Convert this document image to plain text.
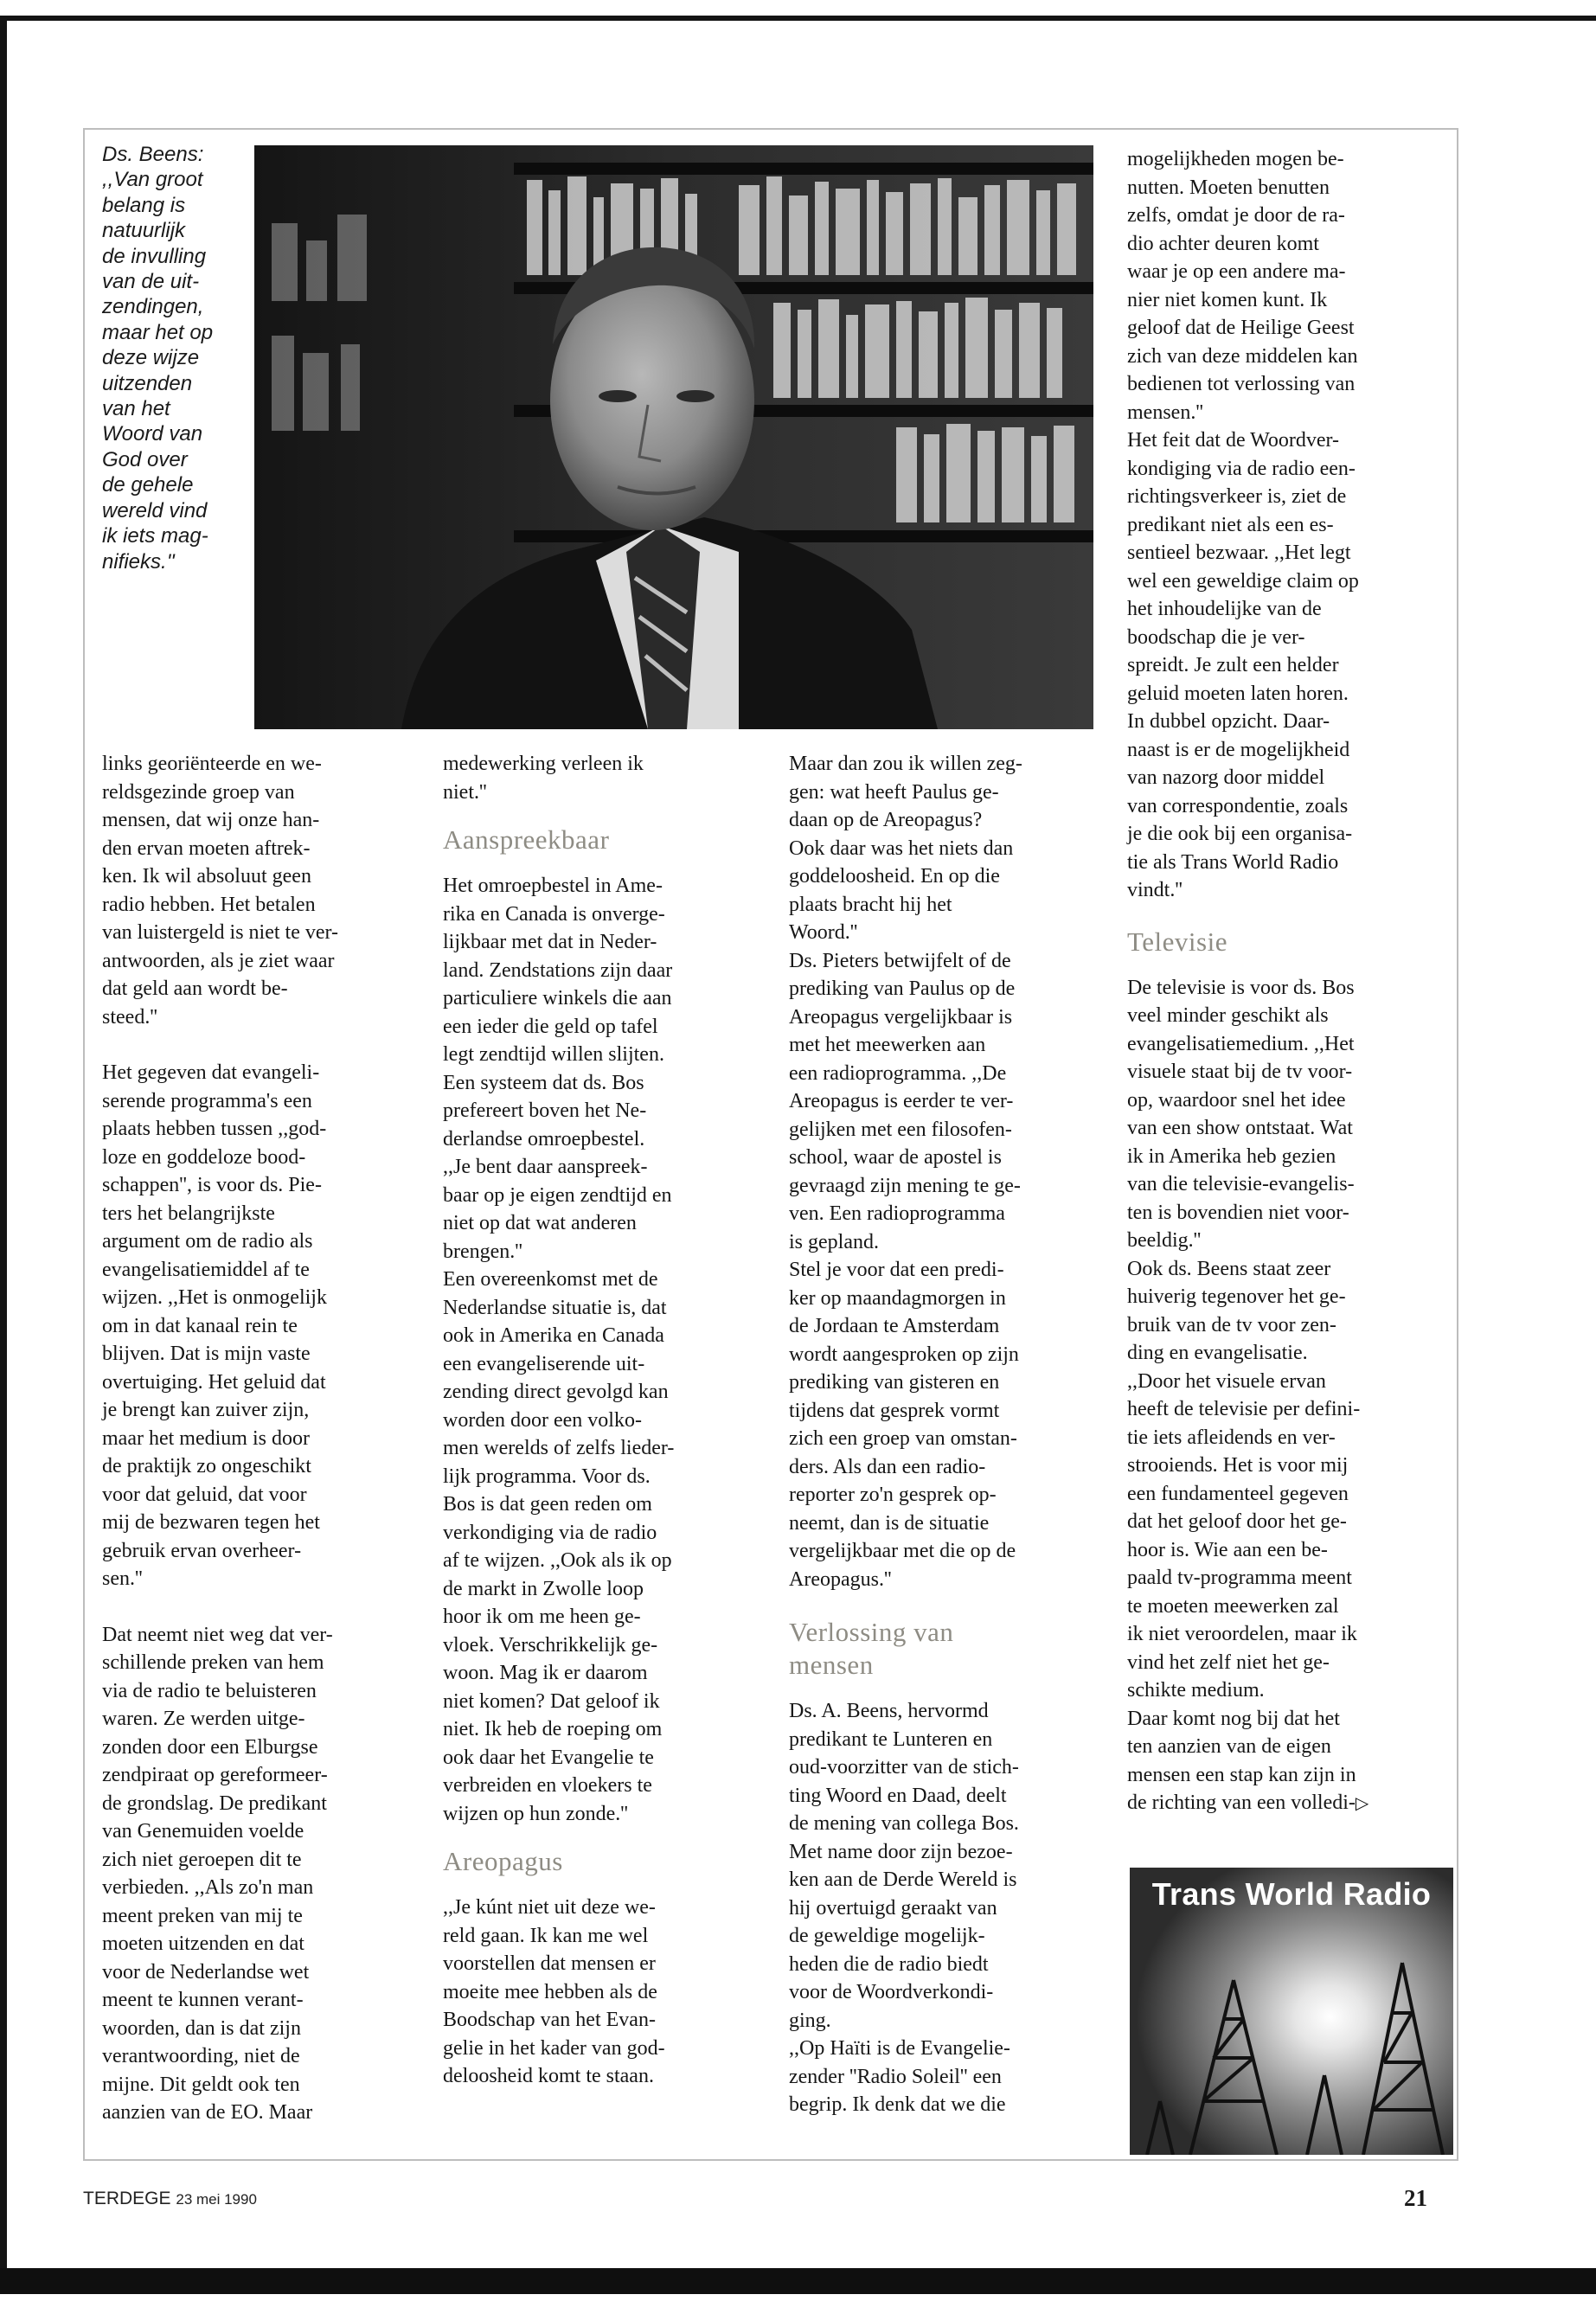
Ds. Beens:
,,Van groot
belang is
natuurlijk
de invulling
van de uit-
zendingen,
maar het op
deze wijze
uitzenden
van het
Woord van
God over
de gehele
wereld vind
ik iets mag-
nifieks.''
links georiënteerde en we-
reldsgezinde groep van
mensen, dat wij onze han-
den ervan moeten aftrek-
ken. Ik wil absoluut geen
radio hebben. Het betalen
van luistergeld is niet te ver-
antwoorden, als je ziet waar
dat geld aan wordt be-
steed.''
Het gegeven dat evangeli-
serende programma's een
plaats hebben tussen ,,god-
loze en goddeloze bood-
schappen'', is voor ds. Pie-
ters het belangrijkste
argument om de radio als
evangelisatiemiddel af te
wijzen. ,,Het is onmogelijk
om in dat kanaal rein te
blijven. Dat is mijn vaste
overtuiging. Het geluid dat
je brengt kan zuiver zijn,
maar het medium is door
de praktijk zo ongeschikt
voor dat geluid, dat voor
mij de bezwaren tegen het
gebruik ervan overheer-
sen.''
Dat neemt niet weg dat ver-
schillende preken van hem
via de radio te beluisteren
waren. Ze werden uitge-
zonden door een Elburgse
zendpiraat op gereformeer-
de grondslag. De predikant
van Genemuiden voelde
zich niet geroepen dit te
verbieden. ,,Als zo'n man
meent preken van mij te
moeten uitzenden en dat
voor de Nederlandse wet
meent te kunnen verant-
woorden, dan is dat zijn
verantwoording, niet de
mijne. Dit geldt ook ten
aanzien van de EO. Maar
medewerking verleen ik
niet.''
Aanspreekbaar
Het omroepbestel in Ame-
rika en Canada is onverge-
lijkbaar met dat in Neder-
land. Zendstations zijn daar
particuliere winkels die aan
een ieder die geld op tafel
legt zendtijd willen slijten.
Een systeem dat ds. Bos
prefereert boven het Ne-
derlandse omroepbestel.
,,Je bent daar aanspreek-
baar op je eigen zendtijd en
niet op dat wat anderen
brengen.''
Een overeenkomst met de
Nederlandse situatie is, dat
ook in Amerika en Canada
een evangeliserende uit-
zending direct gevolgd kan
worden door een volko-
men werelds of zelfs lieder-
lijk programma. Voor ds.
Bos is dat geen reden om
verkondiging via de radio
af te wijzen. ,,Ook als ik op
de markt in Zwolle loop
hoor ik om me heen ge-
vloek. Verschrikkelijk ge-
woon. Mag ik er daarom
niet komen? Dat geloof ik
niet. Ik heb de roeping om
ook daar het Evangelie te
verbreiden en vloekers te
wijzen op hun zonde.''
Areopagus
,,Je kúnt niet uit deze we-
reld gaan. Ik kan me wel
voorstellen dat mensen er
moeite mee hebben als de
Boodschap van het Evan-
gelie in het kader van god-
deloosheid komt te staan.
Maar dan zou ik willen zeg-
gen: wat heeft Paulus ge-
daan op de Areopagus?
Ook daar was het niets dan
goddeloosheid. En op die
plaats bracht hij het
Woord.''
Ds. Pieters betwijfelt of de
prediking van Paulus op de
Areopagus vergelijkbaar is
met het meewerken aan
een radioprogramma. ,,De
Areopagus is eerder te ver-
gelijken met een filosofen-
school, waar de apostel is
gevraagd zijn mening te ge-
ven. Een radioprogramma
is gepland.
Stel je voor dat een predi-
ker op maandagmorgen in
de Jordaan te Amsterdam
wordt aangesproken op zijn
prediking van gisteren en
tijdens dat gesprek vormt
zich een groep van omstan-
ders. Als dan een radio-
reporter zo'n gesprek op-
neemt, dan is de situatie
vergelijkbaar met die op de
Areopagus.''
Verlossing van
mensen
Ds. A. Beens, hervormd
predikant te Lunteren en
oud-voorzitter van de stich-
ting Woord en Daad, deelt
de mening van collega Bos.
Met name door zijn bezoe-
ken aan de Derde Wereld is
hij overtuigd geraakt van
de geweldige mogelijk-
heden die de radio biedt
voor de Woordverkondi-
ging.
,,Op Haïti is de Evangelie-
zender ''Radio Soleil'' een
begrip. Ik denk dat we die
mogelijkheden mogen be-
nutten. Moeten benutten
zelfs, omdat je door de ra-
dio achter deuren komt
waar je op een andere ma-
nier niet komen kunt. Ik
geloof dat de Heilige Geest
zich van deze middelen kan
bedienen tot verlossing van
mensen.''
Het feit dat de Woordver-
kondiging via de radio een-
richtingsverkeer is, ziet de
predikant niet als een es-
sentieel bezwaar. ,,Het legt
wel een geweldige claim op
het inhoudelijke van de
boodschap die je ver-
spreidt. Je zult een helder
geluid moeten laten horen.
In dubbel opzicht. Daar-
naast is er de mogelijkheid
van nazorg door middel
van correspondentie, zoals
je die ook bij een organisa-
tie als Trans World Radio
vindt.''
Televisie
De televisie is voor ds. Bos
veel minder geschikt als
evangelisatiemedium. ,,Het
visuele staat bij de tv voor-
op, waardoor snel het idee
van een show ontstaat. Wat
ik in Amerika heb gezien
van die televisie-evangelis-
ten is bovendien niet voor-
beeldig.''
Ook ds. Beens staat zeer
huiverig tegenover het ge-
bruik van de tv voor zen-
ding en evangelisatie.
,,Door het visuele ervan
heeft de televisie per defini-
tie iets afleidends en ver-
strooiends. Het is voor mij
een fundamenteel gegeven
dat het geloof door het ge-
hoor is. Wie aan een be-
paald tv-programma meent
te moeten meewerken zal
ik niet veroordelen, maar ik
vind het zelf niet het ge-
schikte medium.
Daar komt nog bij dat het
ten aanzien van de eigen
mensen een stap kan zijn in
de richting van een volledi-▷
Trans World Radio
TERDEGE 23 mei 1990	21
